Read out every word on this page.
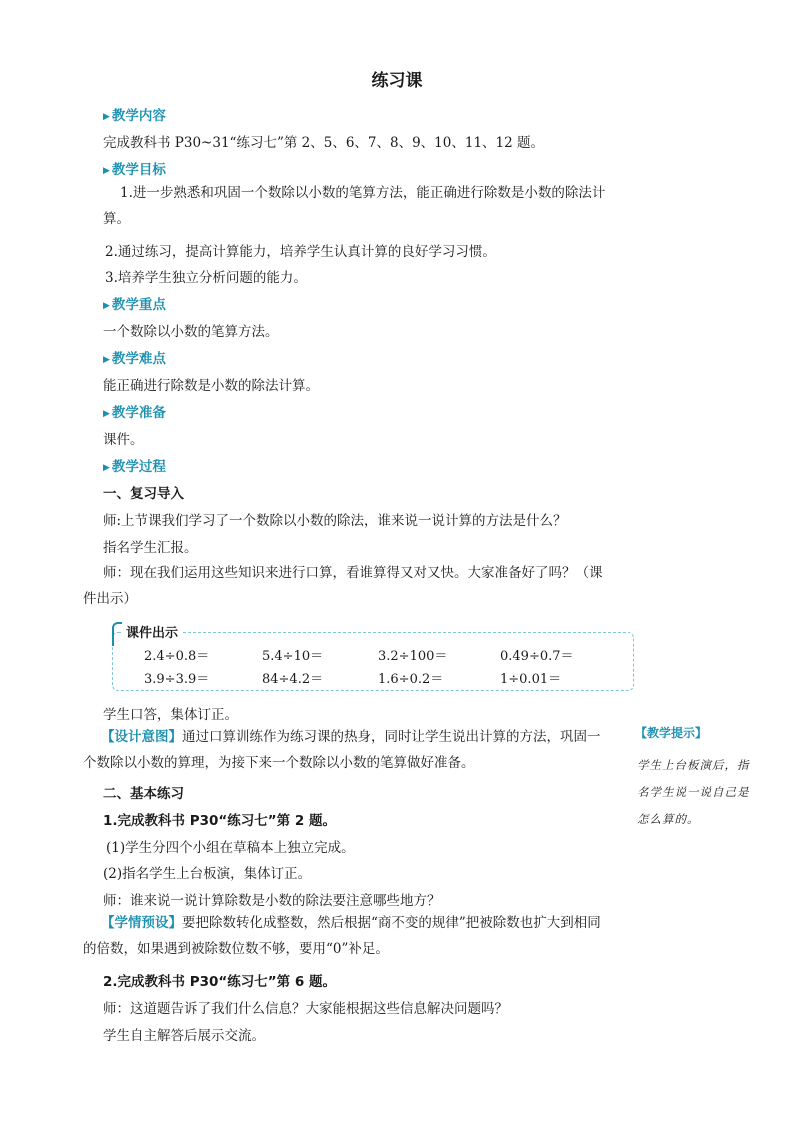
练习课
▶ 教学内容
完成教科书 P30~31“练习七”第 2、5、6、7、8、9、10、11、12 题。
▶ 教学目标
1.进一步熟悉和巩固一个数除以小数的笔算方法，能正确进行除数是小数的除法计算。
2.通过练习，提高计算能力，培养学生认真计算的良好学习习惯。
3.培养学生独立分析问题的能力。
▶ 教学重点
一个数除以小数的笔算方法。
▶ 教学难点
能正确进行除数是小数的除法计算。
▶ 教学准备
课件。
▶ 教学过程
一、复习导入
师:上节课我们学习了一个数除以小数的除法，谁来说一说计算的方法是什么？
指名学生汇报。
师：现在我们运用这些知识来进行口算，看谁算得又对又快。大家准备好了吗？（课件出示）
课件出示
2.4÷0.8＝	5.4÷10＝	3.2÷100＝	0.49÷0.7＝
3.9÷3.9＝	84÷4.2＝	1.6÷0.2＝	1÷0.01＝
学生口答，集体订正。
【设计意图】通过口算训练作为练习课的热身，同时让学生说出计算的方法，巩固一个数除以小数的算理，为接下来一个数除以小数的笔算做好准备。
二、基本练习
1.完成教科书 P30“练习七”第 2 题。
(1)学生分四个小组在草稿本上独立完成。
(2)指名学生上台板演，集体订正。
师：谁来说一说计算除数是小数的除法要注意哪些地方？
【学情预设】要把除数转化成整数，然后根据“商不变的规律”把被除数也扩大到相同的倍数，如果遇到被除数位数不够，要用“0”补足。
2.完成教科书 P30“练习七”第 6 题。
师：这道题告诉了我们什么信息？大家能根据这些信息解决问题吗？
学生自主解答后展示交流。
【教学提示】
学生上台板演后，指名学生说一说自己是怎么算的。
